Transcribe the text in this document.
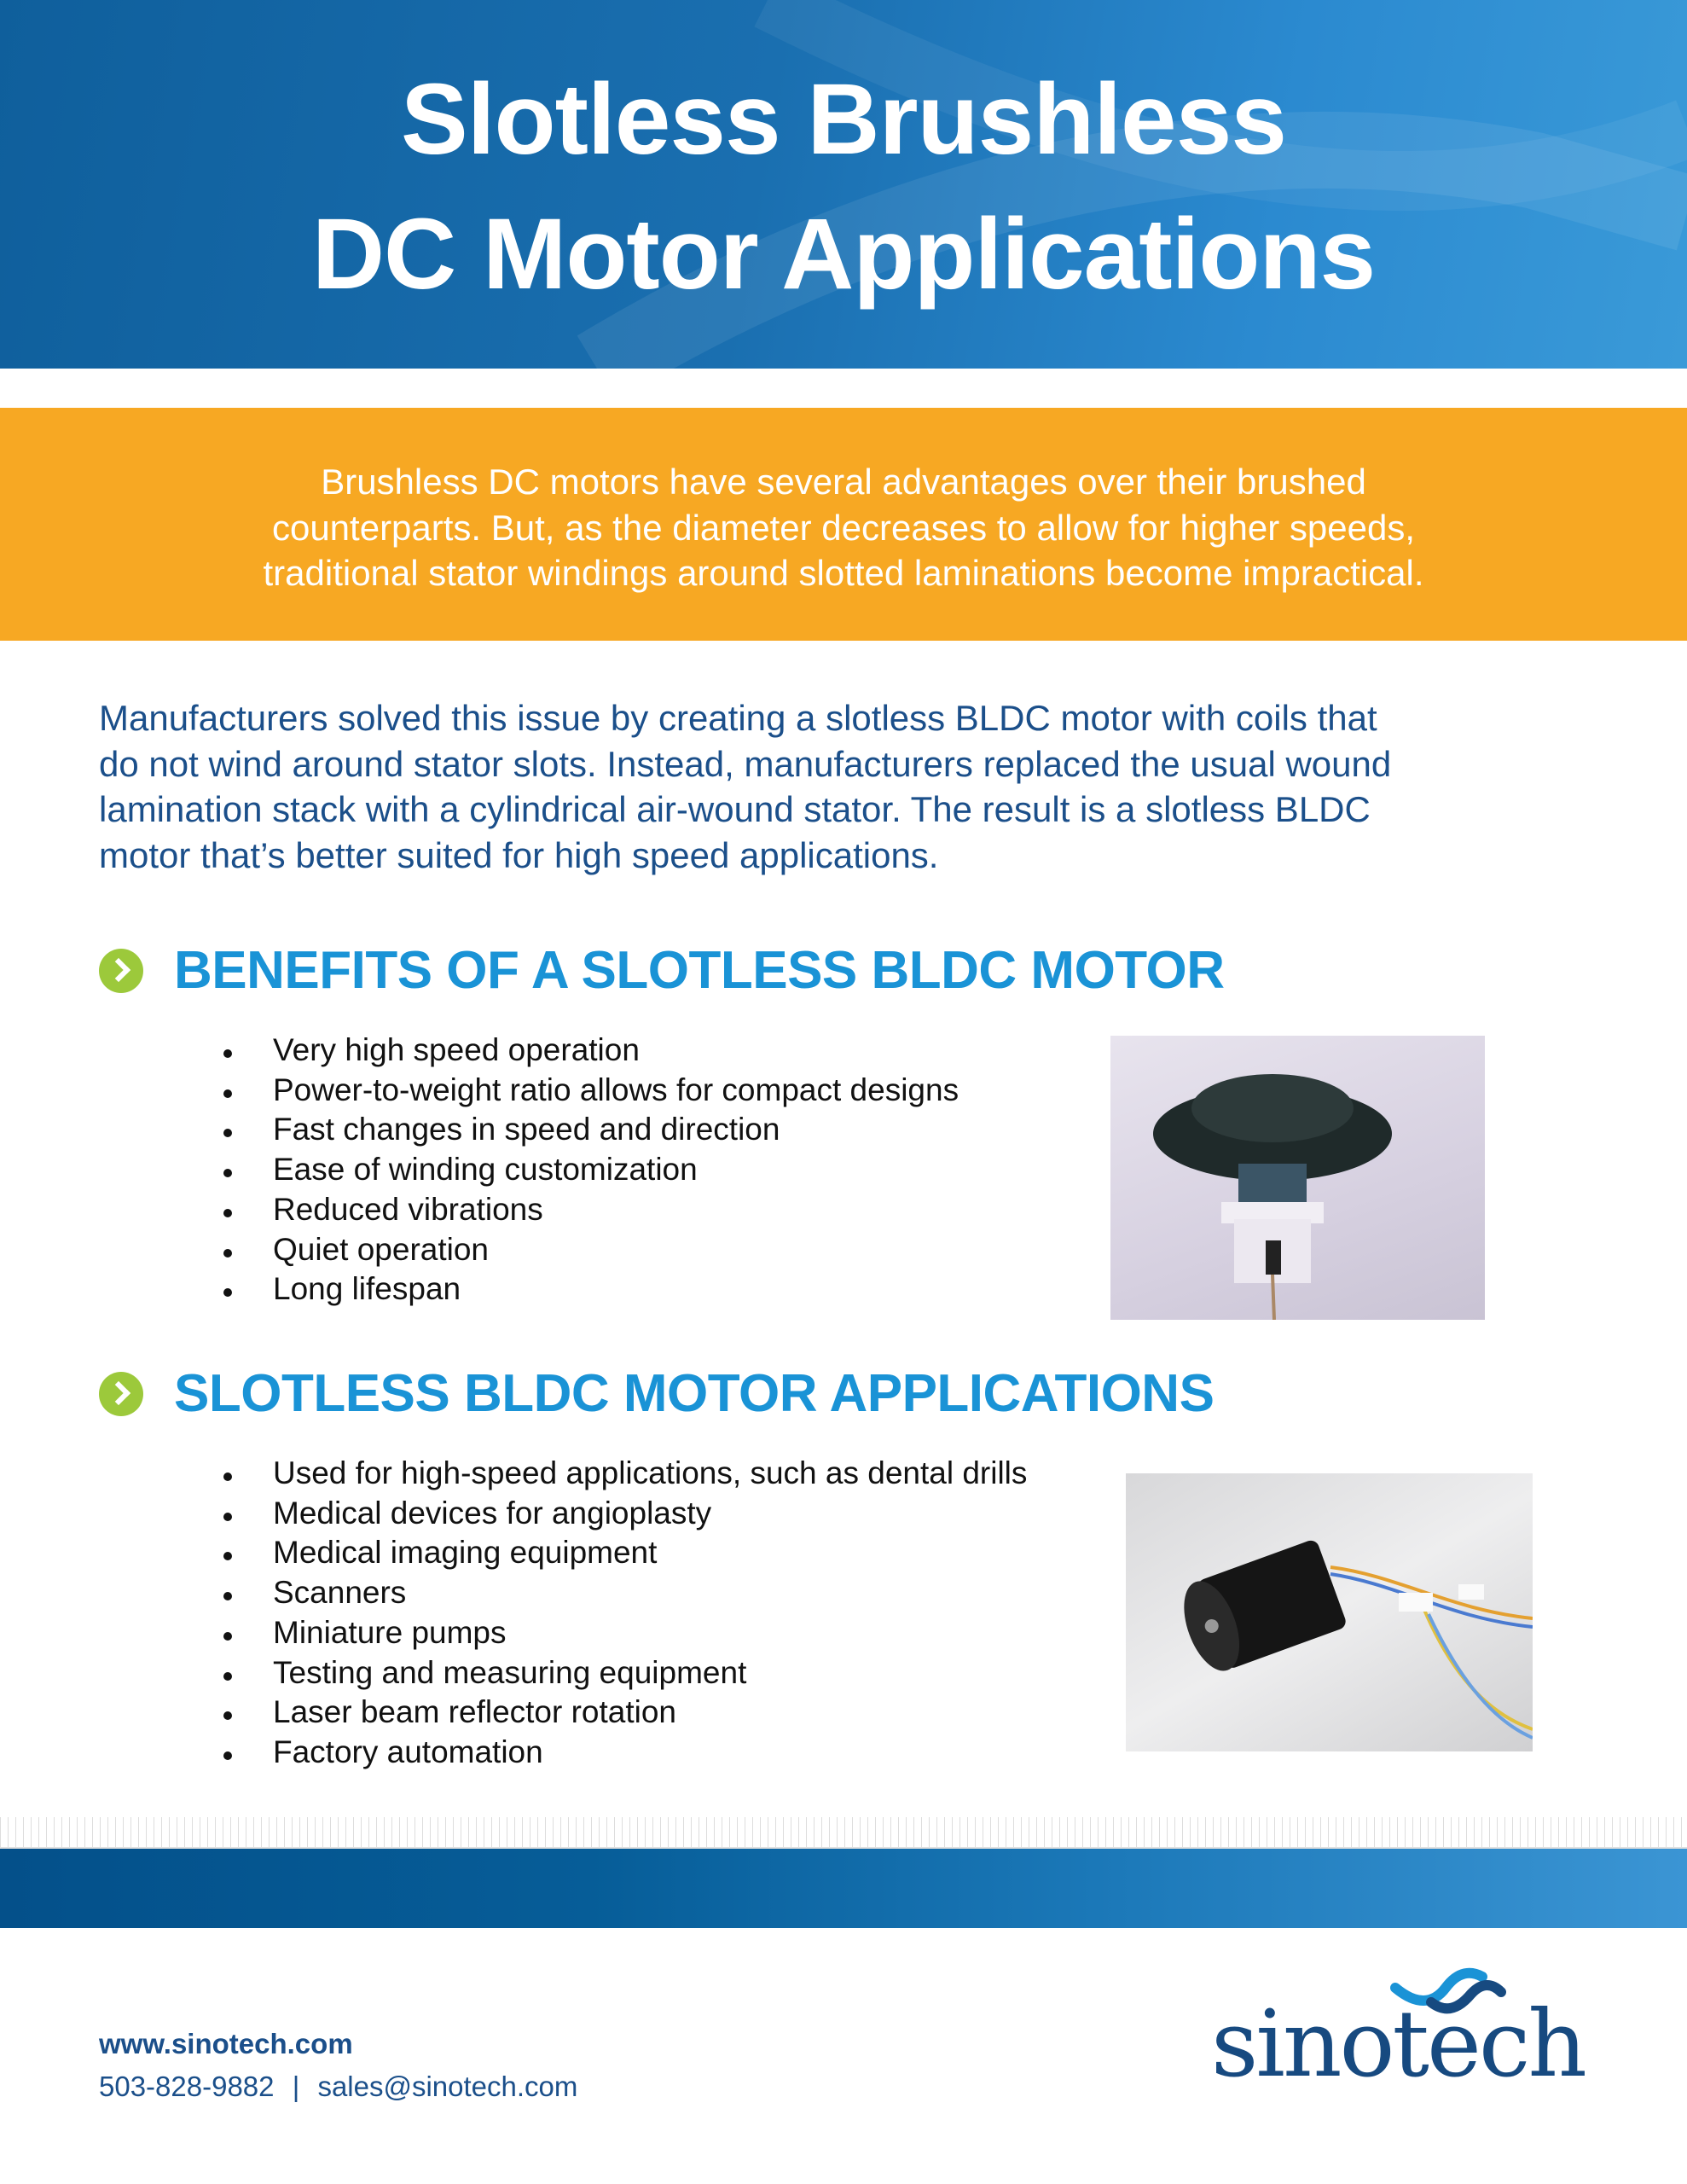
Slotless Brushless
DC Motor Applications
Brushless DC motors have several advantages over their brushed
counterparts. But, as the diameter decreases to allow for higher speeds,
traditional stator windings around slotted laminations become impractical.
Manufacturers solved this issue by creating a slotless BLDC motor with coils that
do not wind around stator slots. Instead, manufacturers replaced the usual wound
lamination stack with a cylindrical air-wound stator. The result is a slotless BLDC
motor that’s better suited for high speed applications.
BENEFITS OF A SLOTLESS BLDC MOTOR
Very high speed operation
Power-to-weight ratio allows for compact designs
Fast changes in speed and direction
Ease of winding customization
Reduced vibrations
Quiet operation
Long lifespan
SLOTLESS BLDC MOTOR APPLICATIONS
Used for high-speed applications, such as dental drills
Medical devices for angioplasty
Medical imaging equipment
Scanners
Miniature pumps
Testing and measuring equipment
Laser beam reflector rotation
Factory automation
www.sinotech.com
503-828-9882 | sales@sinotech.com	sinotech
